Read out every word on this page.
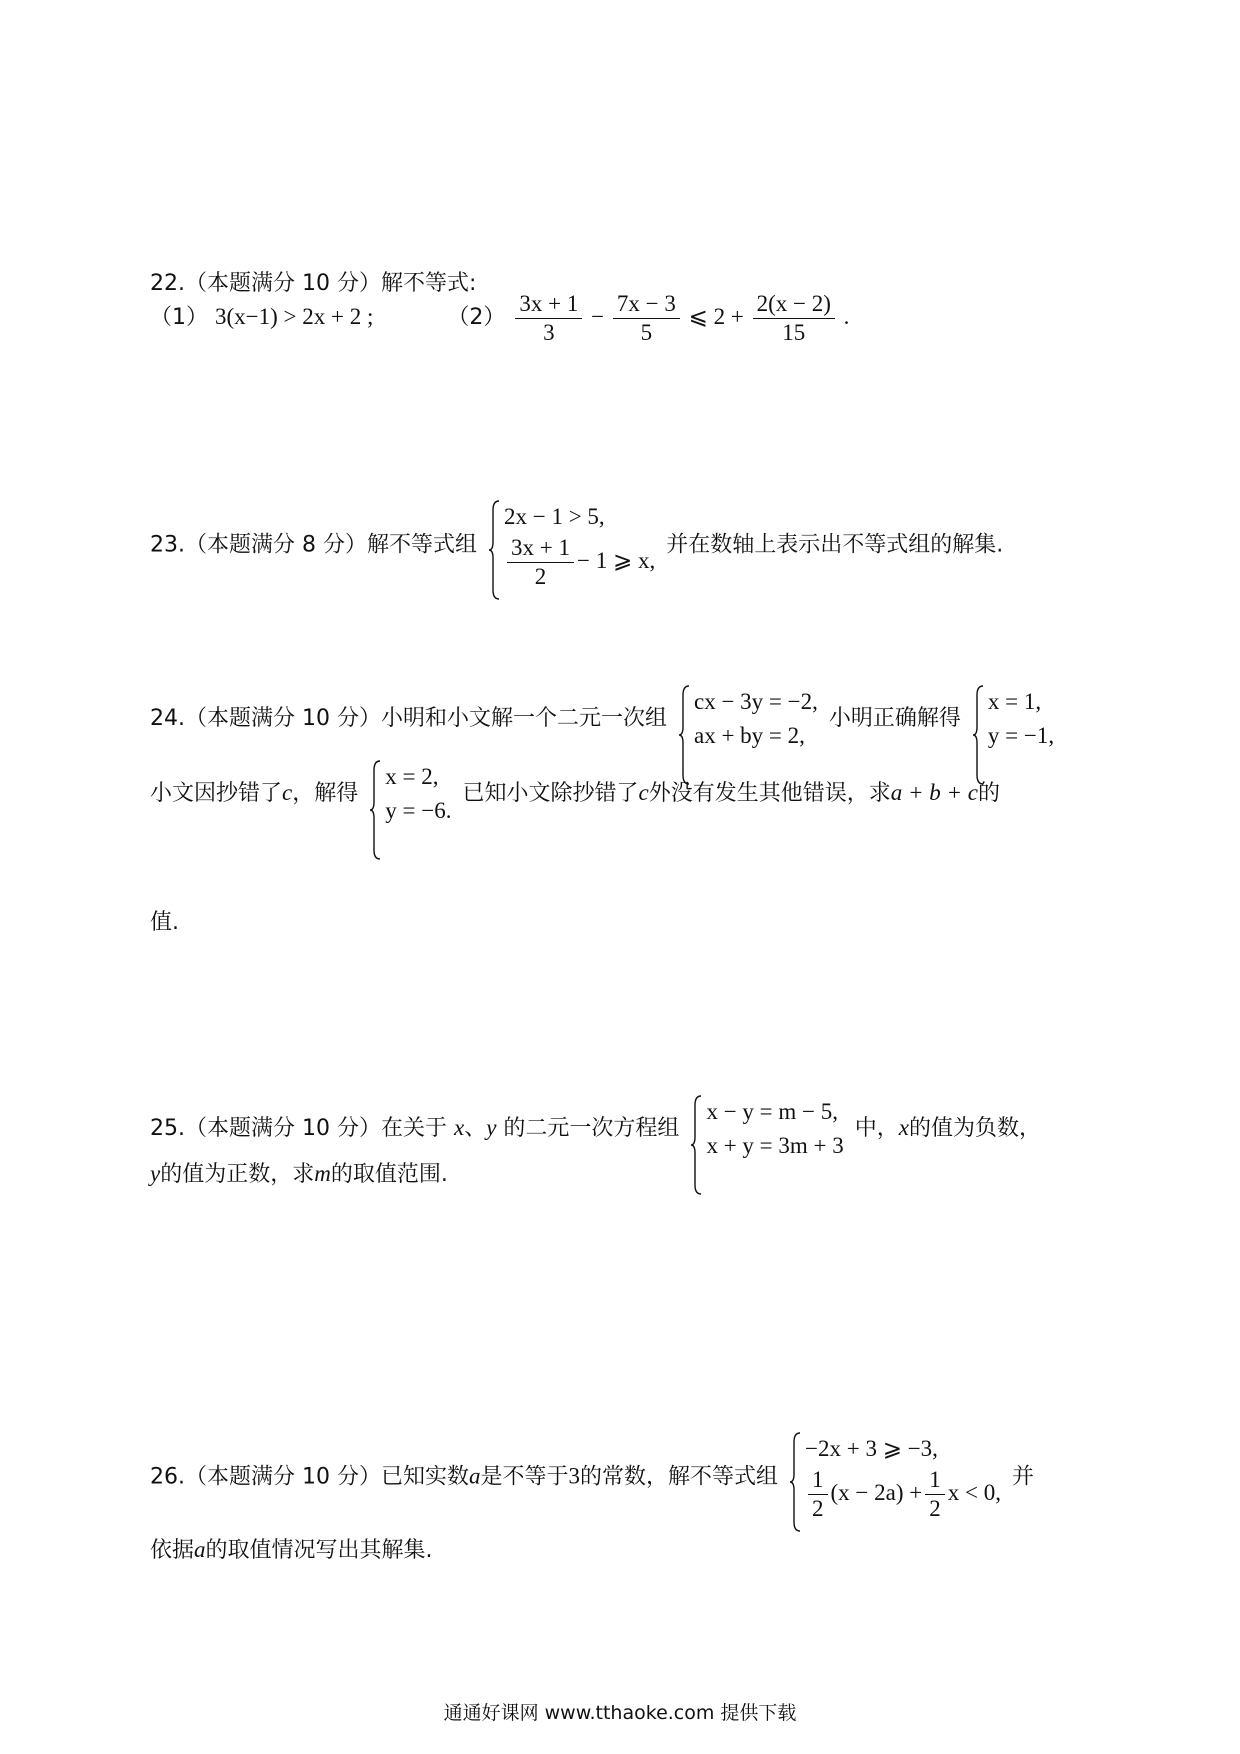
22.（本题满分 10 分）解不等式:
（1） 3(x−1) > 2x + 2 ;	$(2) \frac{3x + 1}{3} - \frac{7x - 3}{5}$ ⩽ $2 + \frac{2(x - 2)}{15}$ .
23.（本题满分 8 分）解不等式组
2x − 1 > 5,
$\frac{3x + 1}{2} - 1$ ⩾ x,
并在数轴上表示出不等式组的解集.
24.（本题满分 10 分）小明和小文解一个二元一次组
cx − 3y = −2,
ax + by = 2,
小明正确解得
x = 1,
y = −1,
小文因抄错了c，解得
x = 2,
y = −6.
已知小文除抄错了c外没有发生其他错误，求a + b + c的
值.
25.（本题满分 10 分）在关于 x、y 的二元一次方程组
x − y = m − 5,
x + y = 3m + 3
中，x的值为负数，
y的值为正数，求m的取值范围.
26.（本题满分 10 分）已知实数a是不等于3的常数，解不等式组
−2x + 3 ⩾ −3,
$\frac{1}{2} (x - 2a) + \frac{1}{2}$ x < 0,
并
依据a的取值情况写出其解集.
通通好课网 www.tthaoke.com 提供下载
